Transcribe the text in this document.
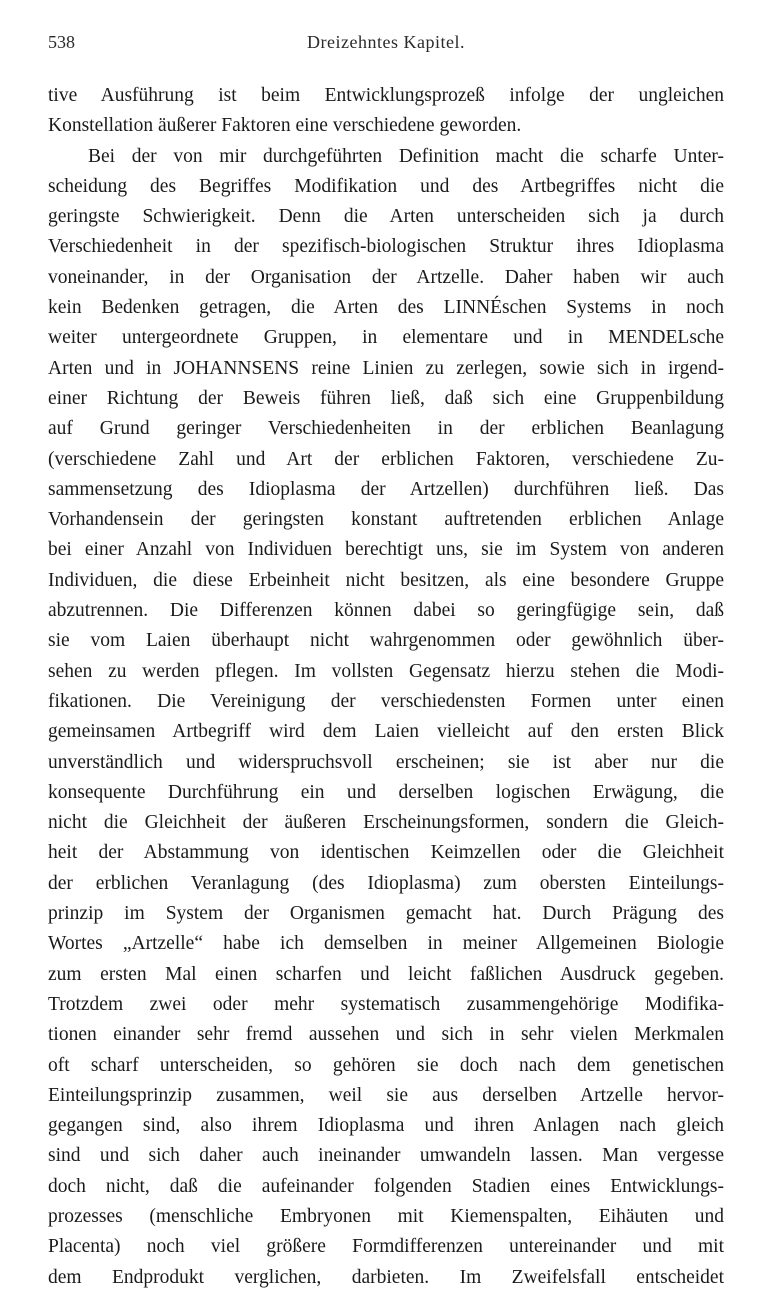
538	Dreizehntes Kapitel.
tive Ausführung ist beim Entwicklungsprozeß infolge der ungleichen
Konstellation äußerer Faktoren eine verschiedene geworden.
Bei der von mir durchgeführten Definition macht die scharfe Unter-
scheidung des Begriffes Modifikation und des Artbegriffes nicht die
geringste Schwierigkeit. Denn die Arten unterscheiden sich ja durch
Verschiedenheit in der spezifisch-biologischen Struktur ihres Idioplasma
voneinander, in der Organisation der Artzelle. Daher haben wir auch
kein Bedenken getragen, die Arten des LINNÉschen Systems in noch
weiter untergeordnete Gruppen, in elementare und in MENDELsche
Arten und in JOHANNSENS reine Linien zu zerlegen, sowie sich in irgend-
einer Richtung der Beweis führen ließ, daß sich eine Gruppenbildung
auf Grund geringer Verschiedenheiten in der erblichen Beanlagung
(verschiedene Zahl und Art der erblichen Faktoren, verschiedene Zu-
sammensetzung des Idioplasma der Artzellen) durchführen ließ. Das
Vorhandensein der geringsten konstant auftretenden erblichen Anlage
bei einer Anzahl von Individuen berechtigt uns, sie im System von anderen
Individuen, die diese Erbeinheit nicht besitzen, als eine besondere Gruppe
abzutrennen. Die Differenzen können dabei so geringfügige sein, daß
sie vom Laien überhaupt nicht wahrgenommen oder gewöhnlich über-
sehen zu werden pflegen. Im vollsten Gegensatz hierzu stehen die Modi-
fikationen. Die Vereinigung der verschiedensten Formen unter einen
gemeinsamen Artbegriff wird dem Laien vielleicht auf den ersten Blick
unverständlich und widerspruchsvoll erscheinen; sie ist aber nur die
konsequente Durchführung ein und derselben logischen Erwägung, die
nicht die Gleichheit der äußeren Erscheinungsformen, sondern die Gleich-
heit der Abstammung von identischen Keimzellen oder die Gleichheit
der erblichen Veranlagung (des Idioplasma) zum obersten Einteilungs-
prinzip im System der Organismen gemacht hat. Durch Prägung des
Wortes „Artzelle“ habe ich demselben in meiner Allgemeinen Biologie
zum ersten Mal einen scharfen und leicht faßlichen Ausdruck gegeben.
Trotzdem zwei oder mehr systematisch zusammengehörige Modifika-
tionen einander sehr fremd aussehen und sich in sehr vielen Merkmalen
oft scharf unterscheiden, so gehören sie doch nach dem genetischen
Einteilungsprinzip zusammen, weil sie aus derselben Artzelle hervor-
gegangen sind, also ihrem Idioplasma und ihren Anlagen nach gleich
sind und sich daher auch ineinander umwandeln lassen. Man vergesse
doch nicht, daß die aufeinander folgenden Stadien eines Entwicklungs-
prozesses (menschliche Embryonen mit Kiemenspalten, Eihäuten und
Placenta) noch viel größere Formdifferenzen untereinander und mit
dem Endprodukt verglichen, darbieten. Im Zweifelsfall entscheidet
